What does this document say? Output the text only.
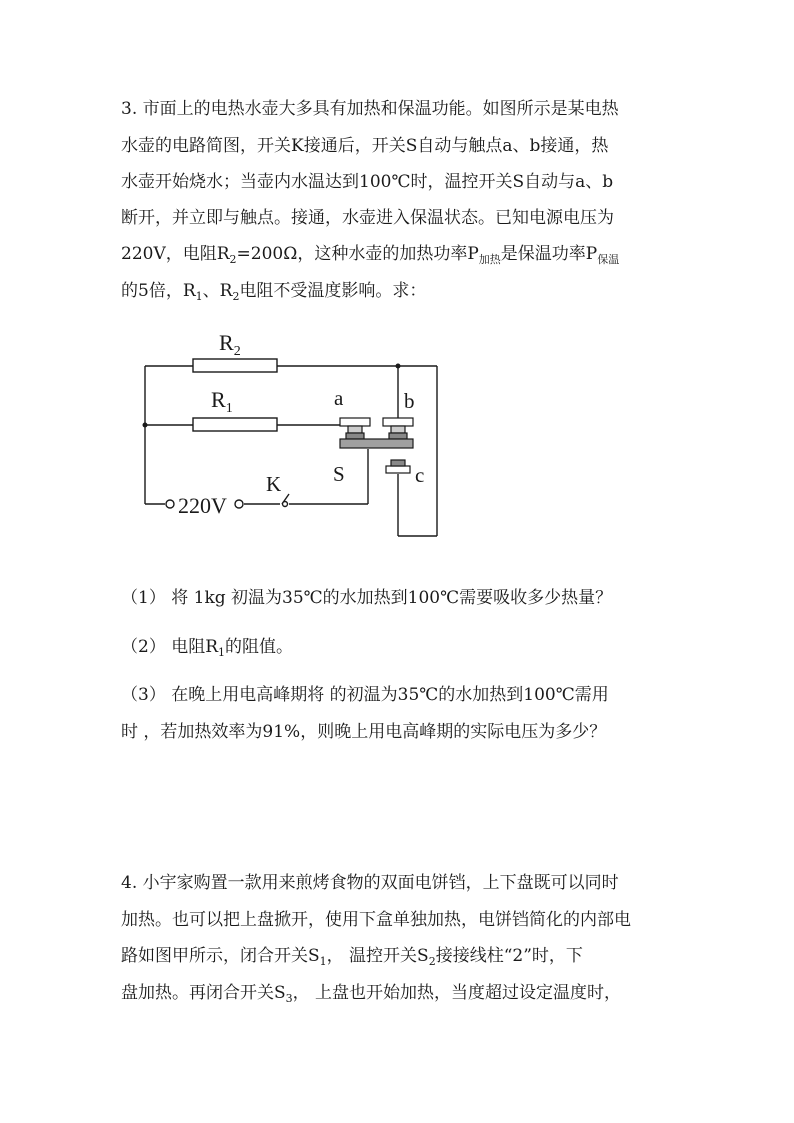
3. 市面上的电热水壶大多具有加热和保温功能。如图所示是某电热
水壶的电路简图，开关K接通后，开关S自动与触点a、b接通，热
水壶开始烧水；当壶内水温达到100℃时，温控开关S自动与a、b
断开，并立即与触点。接通，水壶进入保温状态。已知电源电压为
220V，电阻$R_2=200\Omega$，这种水壶的加热功率$P_{加热}$是保温功率$P_{保温}$
的5倍，$R_1$、$R_2$电阻不受温度影响。求：
$R_2$
$R_1$	a	b
c
S
K
220V
（1） 将 1kg 初温为35℃的水加热到100℃需要吸收多少热量？
（2） 电阻$R_1$的阻值。
（3） 在晚上用电高峰期将 的初温为35℃的水加热到100℃需用
时 ，若加热效率为91%，则晚上用电高峰期的实际电压为多少？
4. 小宇家购置一款用来煎烤食物的双面电饼铛，上下盘既可以同时
加热。也可以把上盘掀开，使用下盒单独加热，电饼铛简化的内部电
路如图甲所示，闭合开关$S_1$， 温控开关$S_2$接接线柱“2”时，下
盘加热。再闭合开关$S_3$， 上盘也开始加热，当度超过设定温度时，
